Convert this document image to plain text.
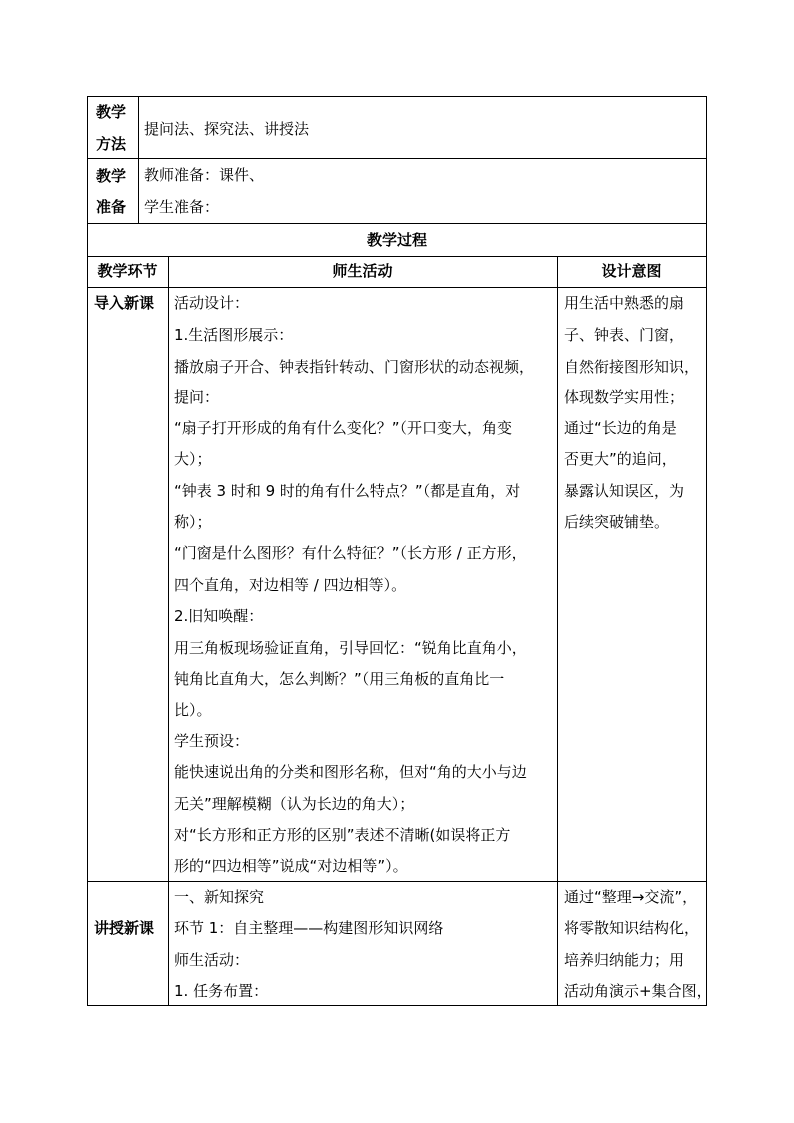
教学
方法
提问法、探究法、讲授法
教学
准备
教师准备：课件、
学生准备：
教学过程
教学环节	师生活动	设计意图
导入新课 活动设计：
1.生活图形展示：
播放扇子开合、钟表指针转动、门窗形状的动态视频，
提问：
“扇子打开形成的角有什么变化？”（开口变大，角变
大）；
“钟表 3 时和 9 时的角有什么特点？”（都是直角，对
称）；
“门窗是什么图形？有什么特征？”（长方形 / 正方形，
四个直角，对边相等 / 四边相等）。
2.旧知唤醒：
用三角板现场验证直角，引导回忆：“锐角比直角小，
钝角比直角大，怎么判断？”（用三角板的直角比一
比）。
学生预设：
能快速说出角的分类和图形名称，但对“角的大小与边
无关”理解模糊（认为长边的角大）；
对“长方形和正方形的区别”表述不清晰(如误将正方
形的“四边相等”说成“对边相等”）。
用生活中熟悉的扇
子、钟表、门窗，
自然衔接图形知识，
体现数学实用性；
通过“长边的角是
否更大”的追问，
暴露认知误区，为
后续突破铺垫。
讲授新课
一、新知探究
环节 1：自主整理——构建图形知识网络
师生活动：
1. 任务布置：
通过“整理→交流”，
将零散知识结构化，
培养归纳能力；用
活动角演示+集合图，
